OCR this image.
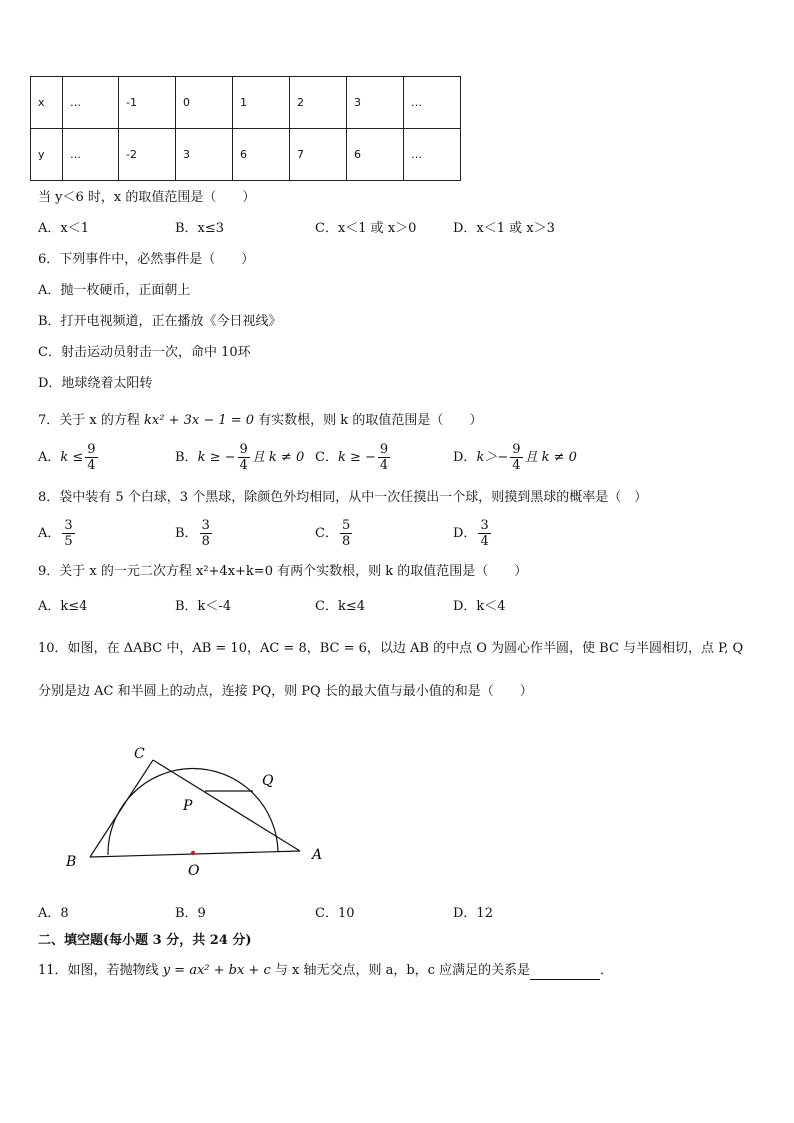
x	…	-1	0	1	2	3	…
y	…	-2	3	6	7	6	…
当 y＜6 时，x 的取值范围是（　　）
A．x＜1	B．x≤3	C．x＜1 或 x＞0	D．x＜1 或 x＞3
6．下列事件中，必然事件是（　　）
A．抛一枚硬币，正面朝上
B．打开电视频道，正在播放《今日视线》
C．射击运动员射击一次，命中 10环
D．地球绕着太阳转
7．关于 x 的方程 kx² + 3x − 1 = 0 有实数根，则 k 的取值范围是（　　）
A．$k \le \frac{9}{4}$	B．k ≥ − $\frac{9}{4}$ 且 k ≠ 0 C．k ≥ − $\frac{9}{4}$	D．$k>- \frac{9}{4}$ 且 k ≠ 0
8．袋中装有 5 个白球，3 个黑球，除颜色外均相同，从中一次任摸出一个球，则摸到黑球的概率是（　）
A． $\frac{3}{5}$	B． $\frac{3}{8}$	C． $\frac{5}{8}$	D． $\frac{3}{4}$
9．关于 x 的一元二次方程 x²+4x+k=0 有两个实数根，则 k 的取值范围是（　　）
A．k≤4	B．k＜-4	C．k≤4	D．k＜4
10．如图，在 ΔABC 中，AB = 10，AC = 8，BC = 6，以边 AB 的中点 O 为圆心作半圆，使 BC 与半圆相切，点 P, Q
分别是边 AC 和半圆上的动点，连接 PQ，则 PQ 长的最大值与最小值的和是（　　）
C
Q
P
B
O
A
A．8	B．9	C．10	D．12
二、填空题(每小题 3 分，共 24 分)
11．如图，若抛物线 y = ax² + bx + c 与 x 轴无交点，则 a，b，c 应满足的关系是	．
